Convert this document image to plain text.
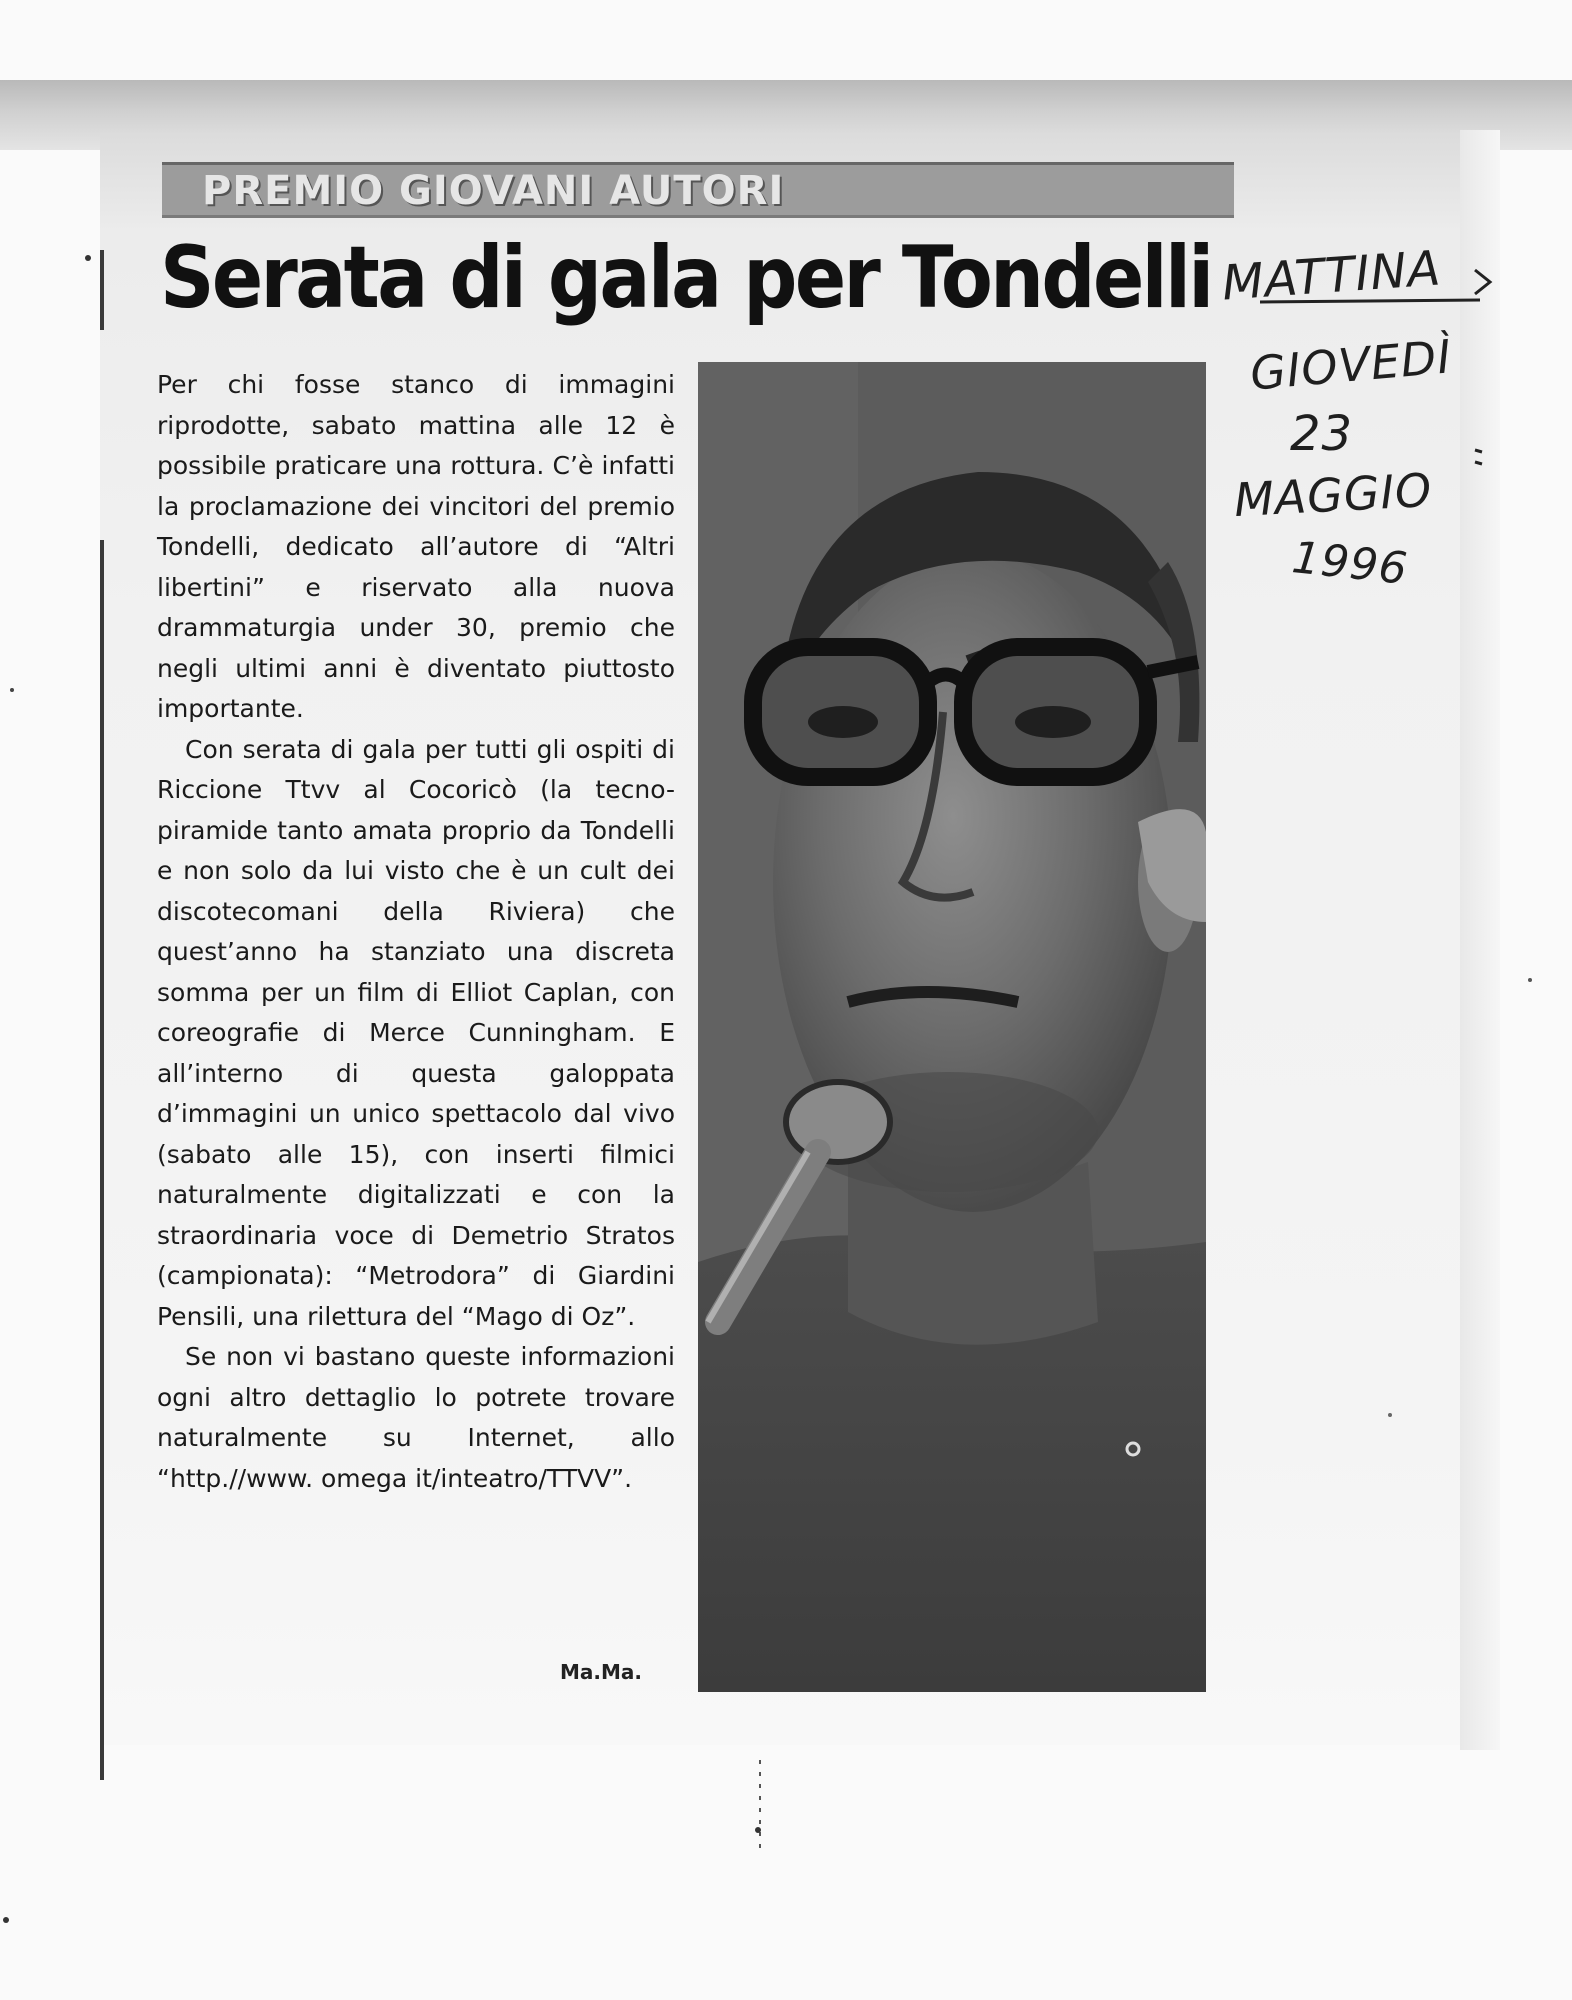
PREMIO GIOVANI AUTORI
Serata di gala per Tondelli

Per chi fosse stanco di immagini riprodotte, sabato mattina alle 12 è possibile praticare una rottura. C’è infatti la proclamazione dei vincitori del premio Tondelli, dedicato all’autore di “Altri libertini” e riservato alla nuova drammaturgia under 30, premio che negli ultimi anni è diventato piuttosto importante.

Con serata di gala per tutti gli ospiti di Riccione Ttvv al Cocoricò (la tecno-piramide tanto amata proprio da Tondelli e non solo da lui visto che è un cult dei discotecomani della Riviera) che quest’anno ha stanziato una discreta somma per un film di Elliot Caplan, con coreografie di Merce Cunningham. E all’interno di questa galoppata d’immagini un unico spettacolo dal vivo (sabato alle 15), con inserti filmici naturalmente digitalizzati e con la straordinaria voce di Demetrio Stratos (campionata): “Metrodora” di Giardini Pensili, una rilettura del “Mago di Oz”.

Se non vi bastano queste informazioni ogni altro dettaglio lo potrete trovare naturalmente su Internet, allo “http.//www. omega it/inteatro/TTVV”.

Ma.Ma.
MATTINA
GIOVEDÌ
23
MAGGIO
1996
